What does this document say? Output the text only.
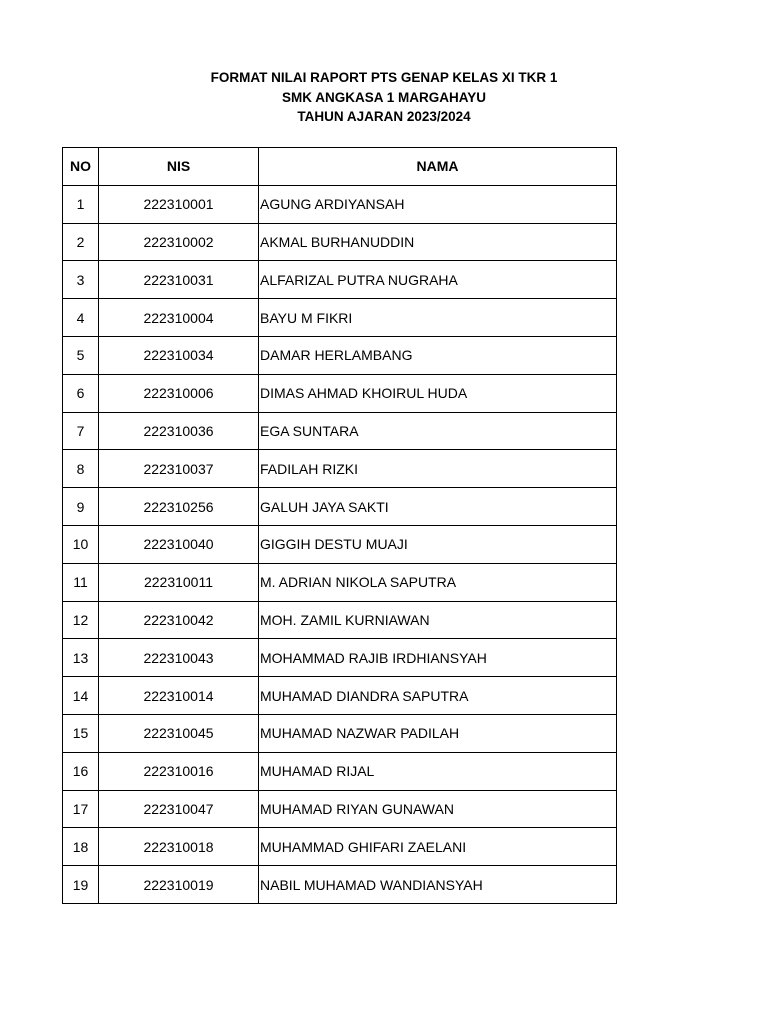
FORMAT NILAI RAPORT PTS GENAP KELAS XI TKR 1
SMK ANGKASA 1 MARGAHAYU
TAHUN AJARAN 2023/2024
NO	NIS	NAMA
1	222310001	AGUNG ARDIYANSAH
2	222310002	AKMAL BURHANUDDIN
3	222310031	ALFARIZAL PUTRA NUGRAHA
4	222310004	BAYU M FIKRI
5	222310034	DAMAR HERLAMBANG
6	222310006	DIMAS AHMAD KHOIRUL HUDA
7	222310036	EGA SUNTARA
8	222310037	FADILAH RIZKI
9	222310256	GALUH JAYA SAKTI
10	222310040	GIGGIH DESTU MUAJI
11	222310011	M. ADRIAN NIKOLA SAPUTRA
12	222310042	MOH. ZAMIL KURNIAWAN
13	222310043	MOHAMMAD RAJIB IRDHIANSYAH
14	222310014	MUHAMAD DIANDRA SAPUTRA
15	222310045	MUHAMAD NAZWAR PADILAH
16	222310016	MUHAMAD RIJAL
17	222310047	MUHAMAD RIYAN GUNAWAN
18	222310018	MUHAMMAD GHIFARI ZAELANI
19	222310019	NABIL MUHAMAD WANDIANSYAH
